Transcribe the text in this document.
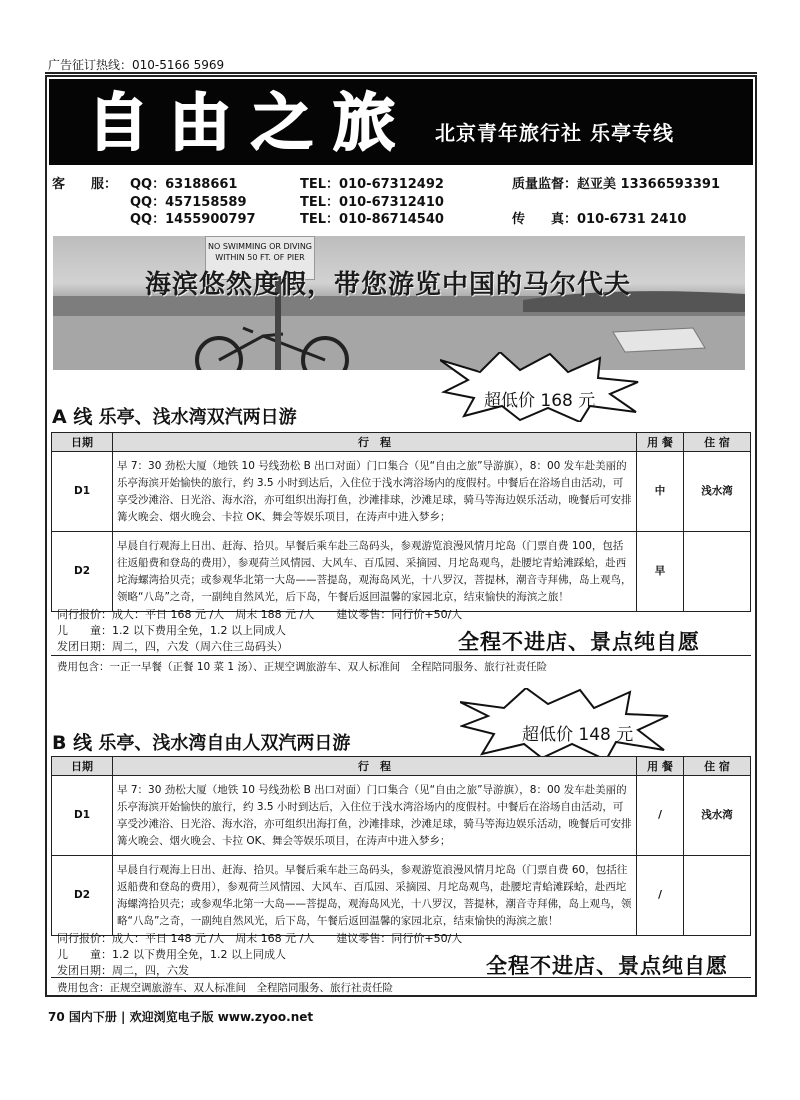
广告征订热线：010-5166 5969
自由之旅 北京青年旅行社 乐亭专线
客　　服： QQ：63188661	TEL：010-67312492	质量监督：赵亚美 13366593391
QQ：457158589	TEL：010-67312410
QQ：1455900797	TEL：010-86714540	传　　真：010-6731 2410
NO SWIMMING OR DIVING WITHIN 50 FT. OF PIER
海滨悠然度假，带您游览中国的马尔代夫
超低价 168 元
A 线 乐亭、浅水湾双汽两日游
日期	行　程	用 餐	住 宿
D1	早 7：30 劲松大厦（地铁 10 号线劲松 B 出口对面）门口集合（见“自由之旅”导游旗），8：00 发车赴美丽的乐亭海滨开始愉快的旅行，约 3.5 小时到达后，入住位于浅水湾浴场内的度假村。中餐后在浴场自由活动，可享受沙滩浴、日光浴、海水浴，亦可组织出海打鱼，沙滩排球，沙滩足球，骑马等海边娱乐活动，晚餐后可安排篝火晚会、烟火晚会、卡拉 OK、舞会等娱乐项目，在涛声中进入梦乡；	中	浅水湾
D2	早晨自行观海上日出、赶海、拾贝。早餐后乘车赴三岛码头，参观游览浪漫风情月坨岛（门票自费 100，包括往返船费和登岛的费用），参观荷兰风情园、大风车、百瓜园、采摘园、月坨岛观鸟，赴腰坨青蛤滩踩蛤，赴西坨海螺湾拾贝壳；或参观华北第一大岛——菩提岛，观海岛风光，十八罗汉，菩提林，潮音寺拜佛，岛上观鸟，领略“八岛”之奇，一副纯自然风光，后下岛，午餐后返回温馨的家园北京，结束愉快的海滨之旅！	早	
同行报价：成人：平日 168 元 /人　周末 188 元 /人　　建议零售：同行价+50/人
儿　　童：1.2 以下费用全免，1.2 以上同成人
发团日期：周二，四，六发（周六住三岛码头）	全程不进店、景点纯自愿
费用包含：一正一早餐（正餐 10 菜 1 汤）、正规空调旅游车、双人标准间　全程陪同服务、旅行社责任险
超低价 148 元
B 线 乐亭、浅水湾自由人双汽两日游
日期	行　程	用 餐	住 宿
D1	早 7：30 劲松大厦（地铁 10 号线劲松 B 出口对面）门口集合（见“自由之旅”导游旗），8：00 发车赴美丽的乐亭海滨开始愉快的旅行，约 3.5 小时到达后，入住位于浅水湾浴场内的度假村。中餐后在浴场自由活动，可享受沙滩浴、日光浴、海水浴，亦可组织出海打鱼，沙滩排球，沙滩足球，骑马等海边娱乐活动，晚餐后可安排篝火晚会、烟火晚会、卡拉 OK、舞会等娱乐项目，在涛声中进入梦乡；	/	浅水湾
D2	早晨自行观海上日出、赶海、拾贝。早餐后乘车赴三岛码头，参观游览浪漫风情月坨岛（门票自费 60，包括往返船费和登岛的费用），参观荷兰风情园、大风车、百瓜园、采摘园、月坨岛观鸟，赴腰坨青蛤滩踩蛤，赴西坨海螺湾拾贝壳；或参观华北第一大岛——菩提岛，观海岛风光，十八罗汉，菩提林，潮音寺拜佛，岛上观鸟，领略“八岛”之奇，一副纯自然风光，后下岛，午餐后返回温馨的家园北京，结束愉快的海滨之旅！	/	
同行报价：成人：平日 148 元 /人　周末 168 元 /人　　建议零售：同行价+50/人
儿　　童：1.2 以下费用全免，1.2 以上同成人
发团日期：周二，四，六发	全程不进店、景点纯自愿
费用包含：正规空调旅游车、双人标准间　全程陪同服务、旅行社责任险
70 国内下册 | 欢迎浏览电子版 www.zyoo.net
